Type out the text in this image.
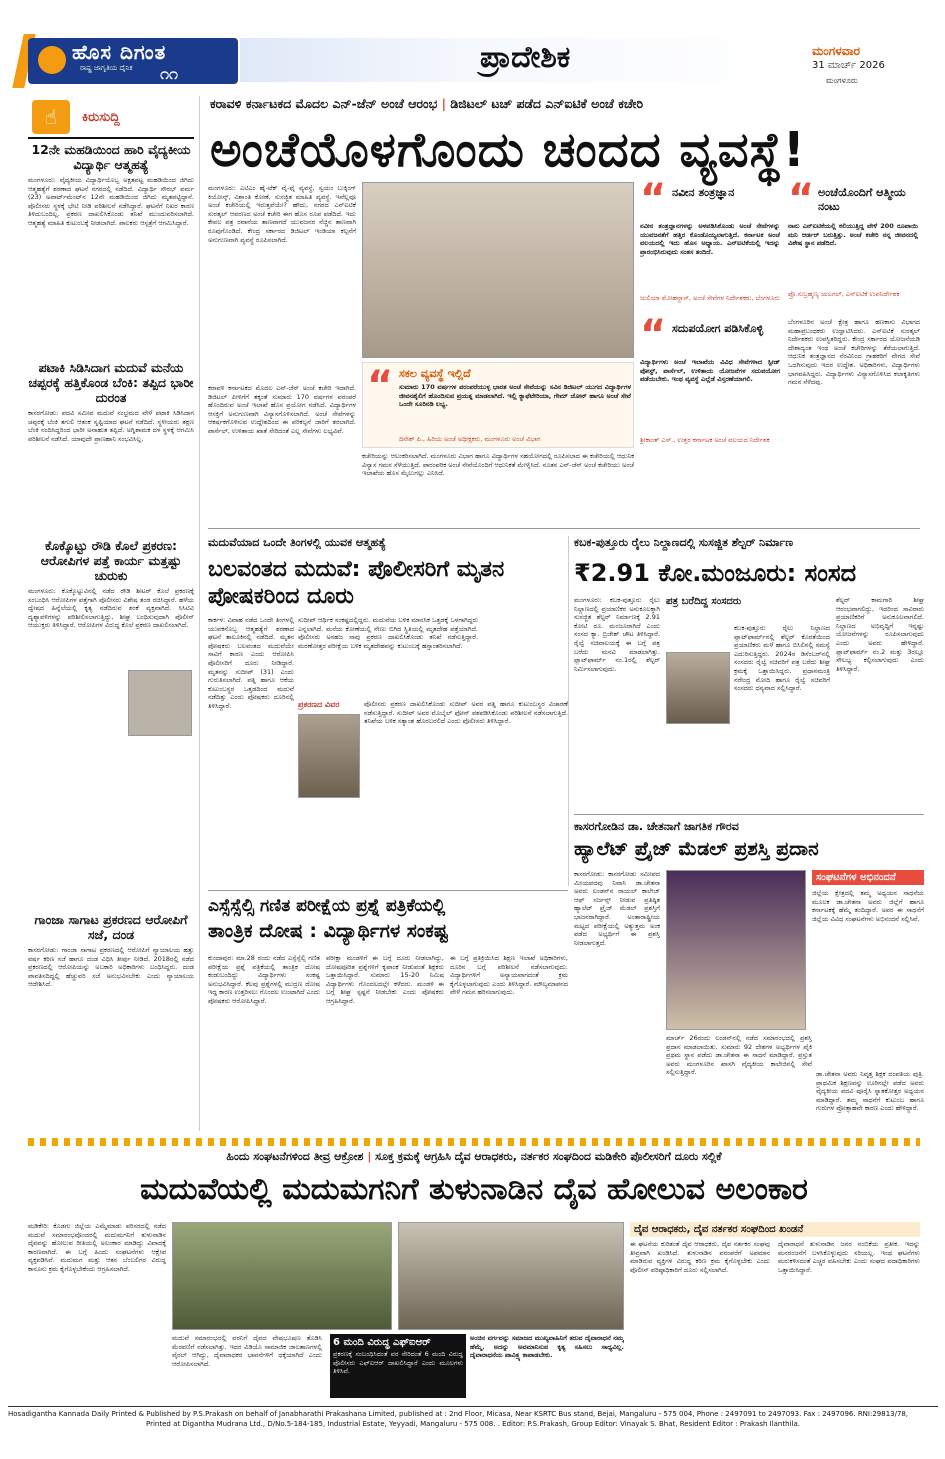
ಹೊಸ ದಿಗಂತ
ರಾಷ್ಟ್ರ ಜಾಗೃತಿಯ ದೈನಿಕ ೧೧	ಪ್ರಾದೇಶಿಕ	ಮಂಗಳವಾರ
31 ಮಾರ್ಚ್ 2026
ಮಂಗಳೂರು
☝	ಕಿರುಸುದ್ದಿ
12ನೇ ಮಹಡಿಯಿಂದ ಹಾರಿ ವೈದ್ಯಕೀಯ ವಿದ್ಯಾರ್ಥಿ ಆತ್ಮಹತ್ಯೆ
ಮಂಗಳೂರು: ವೈದ್ಯಕೀಯ ವಿದ್ಯಾರ್ಥಿಯೊಬ್ಬ ಅಕ್ಷತಪಟ್ಟ ಮಹಡಿಯಿಂದ ಜಿಗಿದು ಆತ್ಮಹತ್ಯೆಗೆ ಶರಣಾದ ಘಟನೆ ನಗರದಲ್ಲಿ ನಡೆದಿದೆ. ವಿದ್ಯಾರ್ಥಿ ಸೌರಭ್ ವರ್ಮ (23) ಅಪಾರ್ಟ್‌ಮೆಂಟ್‌ನ 12ನೇ ಮಹಡಿಯಿಂದ ಜಿಗಿದು ಮೃತಪಟ್ಟಿದ್ದಾನೆ. ಪೊಲೀಸರು ಸ್ಥಳಕ್ಕೆ ಭೇಟಿ ನೀಡಿ ಪರಿಶೀಲನೆ ನಡೆಸಿದ್ದಾರೆ. ಘಟನೆಗೆ ನಿಖರ ಕಾರಣ ತಿಳಿದುಬಂದಿಲ್ಲ. ಪ್ರಕರಣ ದಾಖಲಿಸಿಕೊಂಡು ತನಿಖೆ ಮುಂದುವರಿಸಲಾಗಿದೆ. ಆತ್ಮಹತ್ಯೆ ಮಾಹಿತಿ ಕುಟುಂಬಕ್ಕೆ ನೀಡಲಾಗಿದೆ. ಪಾಲಕರು ಆಸ್ಪತ್ರೆಗೆ ಆಗಮಿಸಿದ್ದಾರೆ.
ಪಟಾಕಿ ಸಿಡಿಸಿದಾಗ ಮದುವೆ ಮನೆಯ ಚಪ್ಪರಕ್ಕೆ ಹತ್ತಿಕೊಂಡ ಬೆಂಕಿ: ತಪ್ಪಿದ ಭಾರೀ ದುರಂತ
ಕಾಸರಗೋಡು: ಪದವಿ ಸಮೀಪ ಮದುವೆ ಸಂಭ್ರಮದ ವೇಳೆ ಪಟಾಕಿ ಸಿಡಿಸಿದಾಗ ಚಪ್ಪರಕ್ಕೆ ಬೆಂಕಿ ತಗುಲಿ ಆತಂಕ ಸೃಷ್ಟಿಯಾದ ಘಟನೆ ನಡೆದಿದೆ. ಸ್ಥಳೀಯರು ತಕ್ಷಣ ಬೆಂಕಿ ನಂದಿಸಿದ್ದರಿಂದ ಭಾರೀ ಅನಾಹುತ ತಪ್ಪಿದೆ. ಅಗ್ನಿಶಾಮಕ ದಳ ಸ್ಥಳಕ್ಕೆ ಆಗಮಿಸಿ ಪರಿಶೀಲನೆ ನಡೆಸಿದೆ. ಯಾವುದೇ ಪ್ರಾಣಹಾನಿ ಸಂಭವಿಸಿಲ್ಲ.
ಕೊಕ್ಕೊಟ್ಟು ರೌಡಿ ಕೊಲೆ ಪ್ರಕರಣ: ಆರೋಪಿಗಳ ಪತ್ತೆ ಕಾರ್ಯ ಮತ್ತಷ್ಟು ಚುರುಕು
ಮಂಗಳೂರು: ಕೊಕ್ಕೊಟ್ಟುವಿನಲ್ಲಿ ನಡೆದ ರೌಡಿ ಶೀಟರ್ ಕೊಲೆ ಪ್ರಕರಣಕ್ಕೆ ಸಂಬಂಧಿಸಿ ಆರೋಪಿಗಳ ಪತ್ತೆಗಾಗಿ ಪೊಲೀಸರು ವಿಶೇಷ ತಂಡ ರಚಿಸಿದ್ದಾರೆ. ಹಳೆಯ ದ್ವೇಷದ ಹಿನ್ನೆಲೆಯಲ್ಲಿ ಕೃತ್ಯ ನಡೆದಿರುವ ಶಂಕೆ ವ್ಯಕ್ತವಾಗಿದೆ. ಸಿಸಿಟಿವಿ ದೃಶ್ಯಾವಳಿಗಳನ್ನು ಪರಿಶೀಲಿಸಲಾಗುತ್ತಿದ್ದು, ಶೀಘ್ರ ಬಂಧಿಸುವುದಾಗಿ ಪೊಲೀಸ್ ಆಯುಕ್ತರು ತಿಳಿಸಿದ್ದಾರೆ. ಆರೋಪಿಗಳ ವಿರುದ್ಧ ಕೊಲೆ ಪ್ರಕರಣ ದಾಖಲಿಸಲಾಗಿದೆ.
ಗಾಂಜಾ ಸಾಗಾಟ ಪ್ರಕರಣದ ಆರೋಪಿಗೆ ಸಜೆ, ದಂಡ
ಕಾಸರಗೋಡು: ಗಾಂಜಾ ಸಾಗಾಟ ಪ್ರಕರಣದಲ್ಲಿ ಆರೋಪಿಗೆ ನ್ಯಾಯಾಲಯ ಹತ್ತು ವರ್ಷ ಕಠಿಣ ಸಜೆ ಹಾಗೂ ದಂಡ ವಿಧಿಸಿ ತೀರ್ಪು ನೀಡಿದೆ. 2018ರಲ್ಲಿ ನಡೆದ ಪ್ರಕರಣದಲ್ಲಿ ಆರೋಪಿಯನ್ನು ಅಬಕಾರಿ ಅಧಿಕಾರಿಗಳು ಬಂಧಿಸಿದ್ದರು. ದಂಡ ಪಾವತಿಸದಿದ್ದಲ್ಲಿ ಹೆಚ್ಚುವರಿ ಸಜೆ ಅನುಭವಿಸಬೇಕು ಎಂದು ನ್ಯಾಯಾಲಯ ಆದೇಶಿಸಿದೆ.
ಕರಾವಳಿ ಕರ್ನಾಟಕದ ಮೊದಲ ಎನ್-ಜೆನ್ ಅಂಚೆ ಆರಂಭ | ಡಿಜಿಟಲ್ ಟಚ್ ಪಡೆದ ಎನ್ಐಟಿಕೆ ಅಂಚೆ ಕಚೇರಿ
ಅಂಚೆಯೊಳಗೊಂದು ಚಂದದ ವ್ಯವಸ್ಥೆ!
ಮಂಗಳೂರು: ಎಟಿಎಂ ಹೈ-ಟೆಕ್ ವೈ-ಫೈ ವ್ಯವಸ್ಥೆ, ಸ್ವಯಂ ಬುಕ್ಕಿಂಗ್ ಕಿಯೋಸ್ಕ್, ವಿಶ್ರಾಂತಿ ಕೋಣೆ, ಸುಸಜ್ಜಿತ ಮಾಹಿತಿ ವ್ಯವಸ್ಥೆ. ಇವೆಲ್ಲವೂ ಅಂಚೆ ಕಚೇರಿಯಲ್ಲಿ ಇರುತ್ತವೆಯೇ? ಹೌದು, ನಗರದ ಎನ್ಐಟಿಕೆ ಸುರತ್ಕಲ್ ಆವರಣದ ಅಂಚೆ ಕಚೇರಿ ಈಗ ಹೊಸ ರೂಪ ಪಡೆದಿದೆ. ಇದು ಕೇವಲ ಪತ್ರ ರವಾನೆಯ ತಾಣವಾಗದೆ ಯುವಜನರ ನೆಚ್ಚಿನ ತಾಣವಾಗಿ ರೂಪುಗೊಂಡಿದೆ. ಕೇಂದ್ರ ಸರ್ಕಾರದ ಡಿಜಿಟಲ್ ಇಂಡಿಯಾ ಕಲ್ಪನೆಗೆ ಅನುಗುಣವಾಗಿ ವ್ಯವಸ್ಥೆ ರೂಪಿಸಲಾಗಿದೆ.
“ ನವೀನ ತಂತ್ರಜ್ಞಾನ
ನವೀನ ತಂತ್ರಜ್ಞಾನಗಳನ್ನು ಅಳವಡಿಸಿಕೊಂಡು ಅಂಚೆ ಸೇವೆಗಳನ್ನು ಯುವಜನತೆಗೆ ಹತ್ತಿರ ಕೊಂಡೊಯ್ಯಲಾಗುತ್ತಿದೆ. ಕರ್ನಾಟಕ ಅಂಚೆ ವಲಯದಲ್ಲಿ ಇದು ಹೊಸ ಅಧ್ಯಾಯ. ಎನ್ಐಟಿಕೆಯಲ್ಲಿ ಇದನ್ನು ಪ್ರಾರಂಭಿಸಿರುವುದು ಸಂತಸ ತಂದಿದೆ.
ಜುಲಿಯಾ ಮೋಹನ್ದಾಸ್, ಅಂಚೆ ಸೇವೆಗಳ ನಿರ್ದೇಶಕರು, ಬೆಂಗಳೂರು
“ ಅಂಚೆಯೊಂದಿಗೆ ಆತ್ಮೀಯ ನಂಟು
ನಾನು ಎನ್ಐಟಿಕೆಯಲ್ಲಿ ಕಲಿಯುತ್ತಿದ್ದ ವೇಳೆ 200 ರೂಪಾಯಿ ಮನಿ ಆರ್ಡರ್ ಬರುತ್ತಿತ್ತು. ಅಂಚೆ ಕಚೇರಿ ನನ್ನ ಜೀವನದಲ್ಲಿ ವಿಶೇಷ ಸ್ಥಾನ ಪಡೆದಿದೆ.
ಪ್ರೊ.ಸುಬ್ರಹ್ಮಣ್ಯ ಯಲಗಲ್, ಎನ್ಐಟಿಕೆ ಉಪನಿರ್ದೇಶಕ
“ ಸದುಪಯೋಗ ಪಡಿಸಿಕೊಳ್ಳಿ
ವಿದ್ಯಾರ್ಥಿಗಳು ಅಂಚೆ ಇಲಾಖೆಯ ವಿವಿಧ ಸೇವೆಗಳಾದ ಸ್ಪೀಡ್ ಪೋಸ್ಟ್, ಪಾರ್ಸೆಲ್, ಉಳಿತಾಯ ಯೋಜನೆಗಳ ಸದುಪಯೋಗ ಪಡೆಯಬೇಕು. ಇಂಥ ವ್ಯವಸ್ಥೆ ಎಲ್ಲೆಡೆ ವಿಸ್ತರಣೆಯಾಗಲಿ.
ಶ್ರೀಕಾಂತ್ ಎಸ್., ಉತ್ತರ ಕರ್ನಾಟಕ ಅಂಚೆ ವಲಯದ ನಿರ್ದೇಶಕ
ಬೆಂಗಳೂರಿನ ಅಂಚೆ ಕ್ಷೇತ್ರ ಹಾಗೂ ಹಣಕಾಸು ವಿಭಾಗದ ಮಹಾಪ್ರಬಂಧಕರು ಉದ್ಘಾಟಿಸಿದರು. ಎನ್ಐಟಿಕೆ ಸುರತ್ಕಲ್ ನಿರ್ದೇಶಕರು ಉಪಸ್ಥಿತರಿದ್ದರು. ಕೇಂದ್ರ ಸರ್ಕಾರದ ಯೋಜನೆಯಡಿ ದೇಶಾದ್ಯಂತ ಇಂಥ ಅಂಚೆ ಕಚೇರಿಗಳನ್ನು ತೆರೆಯಲಾಗುತ್ತಿದೆ. ಆಧುನಿಕ ತಂತ್ರಜ್ಞಾನದ ನೆರವಿನಿಂದ ಗ್ರಾಹಕರಿಗೆ ವೇಗದ ಸೇವೆ ಒದಗಿಸುವುದು ಇದರ ಉದ್ದೇಶ. ಅಧಿಕಾರಿಗಳು, ವಿದ್ಯಾರ್ಥಿಗಳು ಭಾಗವಹಿಸಿದ್ದರು. ವಿದ್ಯಾರ್ಥಿಗಳು ವಿನ್ಯಾಸಗೊಳಿಸಿದ ಕಲಾಕೃತಿಗಳು ಗಮನ ಸೆಳೆದವು.
ಕರಾವಳಿ ಕರ್ನಾಟಕದ ಮೊದಲ ಎನ್-ಜೆನ್ ಅಂಚೆ ಕಚೇರಿ ಇದಾಗಿದೆ. ಡಿಜಿಟಲ್ ಪೀಳಿಗೆಗೆ ತಕ್ಕಂತೆ ಸುಮಾರು 170 ವರ್ಷಗಳ ಪರಂಪರೆ ಹೊಂದಿರುವ ಅಂಚೆ ಇಲಾಖೆ ಹೊಸ ಪ್ರಯೋಗ ನಡೆಸಿದೆ. ವಿದ್ಯಾರ್ಥಿಗಳ ಆಸಕ್ತಿಗೆ ಅನುಗುಣವಾಗಿ ವಿನ್ಯಾಸಗೊಳಿಸಲಾಗಿದೆ. ಅಂಚೆ ಸೇವೆಗಳನ್ನು ಆಕರ್ಷಕಗೊಳಿಸುವ ಉದ್ದೇಶದಿಂದ ಈ ಪರಿಕಲ್ಪನೆ ಜಾರಿಗೆ ತರಲಾಗಿದೆ. ಪಾರ್ಸೆಲ್, ಉಳಿತಾಯ ಖಾತೆ ಸೇರಿದಂತೆ ಎಲ್ಲ ಸೇವೆಗಳು ಲಭ್ಯವಿವೆ.
“ ಸಕಲ ವ್ಯವಸ್ಥೆ ಇಲ್ಲಿದೆ
ಸುಮಾರು 170 ವರ್ಷಗಳ ಪರಂಪರೆಯುಳ್ಳ ಭಾರತ ಅಂಚೆ ಸೇವೆಯನ್ನು ಸವಿನ ಡಿಜಿಟಲ್ ಯುಗದ ವಿದ್ಯಾರ್ಥಿಗಳ ಜೀವನಶೈಲಿಗೆ ಹೊಂದಿಸುವ ಪ್ರಯತ್ನ ಮಾಡಲಾಗಿದೆ. ಇಲ್ಲಿ ಕ್ಯಾಫೆಟೇರಿಯಾ, ಗೇಮ್ ಜೋನ್ ಹಾಗೂ ಅಂಚೆ ಸೇವೆ ಒಂದೇ ಸೂರಿನಡಿ ಲಭ್ಯ.
ದಿನೇಶ್ ಪಿ., ಹಿರಿಯ ಅಂಚೆ ಅಧೀಕ್ಷಕರು, ಮಂಗಳೂರು ಅಂಚೆ ವಿಭಾಗ
ಕಚೇರಿಯನ್ನು ಆಲಂಕರಿಸಲಾಗಿದೆ. ಮಂಗಳೂರು ವಿಭಾಗ ಹಾಗೂ ವಿದ್ಯಾರ್ಥಿಗಳ ಸಹಯೋಗದಲ್ಲಿ ರೂಪಿಸಲಾದ ಈ ಕಚೇರಿಯಲ್ಲಿ ಆಧುನಿಕ ವಿನ್ಯಾಸ ಗಮನ ಸೆಳೆಯುತ್ತಿದೆ. ಪಾರಂಪರಿಕ ಅಂಚೆ ಸೇವೆಯೊಂದಿಗೆ ಆಧುನಿಕತೆ ಮೇಳೈಸಿದೆ. ನೂತನ ಎನ್-ಜೆನ್ ಅಂಚೆ ಕಚೇರಿಯು ಅಂಚೆ ಇಲಾಖೆಯ ಹೊಸ ಮೈಲುಗಲ್ಲು ಎನಿಸಿದೆ.
ಮದುವೆಯಾದ ಒಂದೇ ತಿಂಗಳಲ್ಲಿ ಯುವಕ ಆತ್ಮಹತ್ಯೆ
ಬಲವಂತದ ಮದುವೆ: ಪೊಲೀಸರಿಗೆ ಮೃತನ ಪೋಷಕರಿಂದ ದೂರು
ಕಾರ್ಕಳ: ವಿವಾಹ ನಡೆದ ಒಂದೇ ತಿಂಗಳಲ್ಲಿ ಯುವಕನೊಬ್ಬ ಆತ್ಮಹತ್ಯೆಗೆ ಶರಣಾದ ಘಟನೆ ತಾಲೂಕಿನಲ್ಲಿ ನಡೆದಿದೆ. ಮೃತನ ಪೋಷಕರು ಬಲವಂತದ ಮದುವೆಯೇ ಸಾವಿಗೆ ಕಾರಣ ಎಂದು ಆರೋಪಿಸಿ ಪೊಲೀಸರಿಗೆ ದೂರು ನೀಡಿದ್ದಾರೆ. ಮೃತನನ್ನು ಸುದೀಪ್ (31) ಎಂದು ಗುರುತಿಸಲಾಗಿದೆ. ಪತ್ನಿ ಹಾಗೂ ಆಕೆಯ ಕುಟುಂಬಸ್ಥರ ಒತ್ತಡದಿಂದ ಮದುವೆ ನಡೆದಿತ್ತು ಎಂದು ಪೋಷಕರು ದೂರಿನಲ್ಲಿ ತಿಳಿಸಿದ್ದಾರೆ.	ಪ್ರಕರಣದ ವಿವರ
ಸುದೀಪ್ ಆರ್ಥಿಕ ಸಂಕಷ್ಟದಲ್ಲಿದ್ದರು. ಮದುವೆಯ ಬಳಿಕ ಮಾನಸಿಕ ಒತ್ತಡಕ್ಕೆ ಒಳಗಾಗಿದ್ದರು ಎನ್ನಲಾಗಿದೆ. ಮನೆಯ ಕೋಣೆಯಲ್ಲಿ ನೇಣು ಬಿಗಿದ ಸ್ಥಿತಿಯಲ್ಲಿ ಮೃತದೇಹ ಪತ್ತೆಯಾಗಿದೆ. ಪೊಲೀಸರು ಅಸಹಜ ಸಾವು ಪ್ರಕರಣ ದಾಖಲಿಸಿಕೊಂಡು ತನಿಖೆ ನಡೆಸುತ್ತಿದ್ದಾರೆ. ಮರಣೋತ್ತರ ಪರೀಕ್ಷೆಯ ಬಳಿಕ ಮೃತದೇಹವನ್ನು ಕುಟುಂಬಕ್ಕೆ ಹಸ್ತಾಂತರಿಸಲಾಗಿದೆ.
ಪೊಲೀಸರು ಪ್ರಕರಣ ದಾಖಲಿಸಿಕೊಂಡು ಸುದೀಪ್ ಅವರ ಪತ್ನಿ ಹಾಗೂ ಕುಟುಂಬಸ್ಥರ ವಿಚಾರಣೆ ನಡೆಸುತ್ತಿದ್ದಾರೆ. ಸುದೀಪ್ ಅವರ ಮೊಬೈಲ್ ಫೋನ್ ವಶಪಡಿಸಿಕೊಂಡು ಪರಿಶೀಲನೆ ನಡೆಸಲಾಗುತ್ತಿದೆ. ತನಿಖೆಯ ಬಳಿಕ ಸತ್ಯಾಂಶ ಹೊರಬರಲಿದೆ ಎಂದು ಪೊಲೀಸರು ತಿಳಿಸಿದ್ದಾರೆ.
ಕಬಕ-ಪುತ್ತೂರು ರೈಲು ನಿಲ್ದಾಣದಲ್ಲಿ ಸುಸಜ್ಜಿತ ಶೆಲ್ಟರ್ ನಿರ್ಮಾಣ
₹2.91 ಕೋ.ಮಂಜೂರು: ಸಂಸದ
ಮಂಗಳೂರು: ಕಬಕ-ಪುತ್ತೂರು ರೈಲು ನಿಲ್ದಾಣದಲ್ಲಿ ಪ್ರಯಾಣಿಕರ ಅನುಕೂಲಕ್ಕಾಗಿ ಸುಸಜ್ಜಿತ ಶೆಲ್ಟರ್ ನಿರ್ಮಾಣಕ್ಕೆ 2.91 ಕೋಟಿ ರೂ. ಮಂಜೂರಾಗಿದೆ ಎಂದು ಸಂಸದ ಕ್ಯಾ. ಬ್ರಿಜೇಶ್ ಚೌಟ ತಿಳಿಸಿದ್ದಾರೆ. ರೈಲ್ವೆ ಸಚಿವಾಲಯಕ್ಕೆ ಈ ಬಗ್ಗೆ ಪತ್ರ ಬರೆದು ಮನವಿ ಮಾಡಲಾಗಿತ್ತು. ಪ್ಲಾಟ್‌ಫಾರ್ಮ್ ನಂ.1ರಲ್ಲಿ ಶೆಲ್ಟರ್ ನಿರ್ಮಿಸಲಾಗುವುದು.
ಪತ್ರ ಬರೆದಿದ್ದ ಸಂಸದರು
ಕಬಕ-ಪುತ್ತೂರು ರೈಲು ನಿಲ್ದಾಣದ ಪ್ಲಾಟ್‌ಫಾರ್ಮ್‌ನಲ್ಲಿ ಶೆಲ್ಟರ್ ಕೊರತೆಯಿಂದ ಪ್ರಯಾಣಿಕರು ಮಳೆ ಹಾಗೂ ಬಿಸಿಲಿನಲ್ಲಿ ಸಮಸ್ಯೆ ಎದುರಿಸುತ್ತಿದ್ದರು. 2024ರ ಡಿಸೆಂಬರ್‌ನಲ್ಲಿ ಸಂಸದರು ರೈಲ್ವೆ ಸಚಿವರಿಗೆ ಪತ್ರ ಬರೆದು ಶೀಘ್ರ ಕ್ರಮಕ್ಕೆ ಒತ್ತಾಯಿಸಿದ್ದರು. ಪ್ರಧಾನಮಂತ್ರಿ ನರೇಂದ್ರ ಮೋದಿ ಹಾಗೂ ರೈಲ್ವೆ ಸಚಿವರಿಗೆ ಸಂಸದರು ಧನ್ಯವಾದ ಸಲ್ಲಿಸಿದ್ದಾರೆ.
ಶೆಲ್ಟರ್ ಕಾಮಗಾರಿ ಶೀಘ್ರ ಆರಂಭವಾಗಲಿದ್ದು, ಇದರಿಂದ ಸಾವಿರಾರು ಪ್ರಯಾಣಿಕರಿಗೆ ಅನುಕೂಲವಾಗಲಿದೆ. ನಿಲ್ದಾಣದ ಅಭಿವೃದ್ಧಿಗೆ ಇನ್ನಷ್ಟು ಯೋಜನೆಗಳನ್ನು ರೂಪಿಸಲಾಗುವುದು ಎಂದು ಅವರು ಹೇಳಿದ್ದಾರೆ. ಪ್ಲಾಟ್‌ಫಾರ್ಮ್ ನಂ.2 ಮತ್ತು 3ರಲ್ಲೂ ಸೌಲಭ್ಯ ಕಲ್ಪಿಸಲಾಗುವುದು ಎಂದು ತಿಳಿಸಿದ್ದಾರೆ.
ಕಾಸರಗೋಡಿನ ಡಾ. ಚೇತನಾಗೆ ಜಾಗತಿಕ ಗೌರವ
ಹ್ಯಾಲೆಟ್ ಪ್ರೈಜ್ ಮೆಡಲ್ ಪ್ರಶಸ್ತಿ ಪ್ರದಾನ
ಕಾಸರಗೋಡು: ಕಾಸರಗೋಡು ಸಮೀಪದ ಮೀಯಪದವು ನಿವಾಸಿ ಡಾ.ಚೇತನಾ ಅವರು ಲಂಡನ್‌ನ ರಾಯಲ್ ಕಾಲೇಜ್ ಆಫ್ ಸರ್ಜನ್ಸ್ ನೀಡುವ ಪ್ರತಿಷ್ಠಿತ ಹ್ಯಾಲೆಟ್ ಪ್ರೈಜ್ ಮೆಡಲ್ ಪ್ರಶಸ್ತಿಗೆ ಭಾಜನರಾಗಿದ್ದಾರೆ. ಅಂತಾರಾಷ್ಟ್ರೀಯ ಮಟ್ಟದ ಪರೀಕ್ಷೆಯಲ್ಲಿ ಅತ್ಯುತ್ತಮ ಅಂಕ ಪಡೆದ ಅಭ್ಯರ್ಥಿಗೆ ಈ ಪ್ರಶಸ್ತಿ ನೀಡಲಾಗುತ್ತದೆ.
ಸಂಘಟನೆಗಳ ಅಭಿನಂದನೆ
ಜಿಲ್ಲೆಯ ಕ್ಷೇತ್ರದಲ್ಲಿ ತಮ್ಮ ಅಧ್ಯಯನ ಸಾಧನೆಯ ಮೂಲಕ ಡಾ.ಚೇತನಾ ಅವರು ಜಿಲ್ಲೆಗೆ ಹಾಗೂ ಕರ್ನಾಟಕಕ್ಕೆ ಹೆಮ್ಮೆ ತಂದಿದ್ದಾರೆ. ಅವರ ಈ ಸಾಧನೆಗೆ ಜಿಲ್ಲೆಯ ವಿವಿಧ ಸಂಘಟನೆಗಳು ಅಭಿನಂದನೆ ಸಲ್ಲಿಸಿವೆ.
ಮಾರ್ಚ್ 26ರಂದು ಲಂಡನ್‌ನಲ್ಲಿ ನಡೆದ ಸಮಾರಂಭದಲ್ಲಿ ಪ್ರಶಸ್ತಿ ಪ್ರದಾನ ಮಾಡಲಾಯಿತು. ಸುಮಾರು 92 ದೇಶಗಳ ಅಭ್ಯರ್ಥಿಗಳ ಪೈಕಿ ಪ್ರಥಮ ಸ್ಥಾನ ಪಡೆದು ಡಾ.ಚೇತನಾ ಈ ಸಾಧನೆ ಮಾಡಿದ್ದಾರೆ. ಪ್ರಸ್ತುತ ಅವರು ಮಂಗಳೂರಿನ ಖಾಸಗಿ ವೈದ್ಯಕೀಯ ಕಾಲೇಜಿನಲ್ಲಿ ಸೇವೆ ಸಲ್ಲಿಸುತ್ತಿದ್ದಾರೆ.	ಡಾ.ಚೇತನಾ ಅವರು ನಿವೃತ್ತ ಶಿಕ್ಷಕ ದಂಪತಿಯ ಪುತ್ರಿ. ಪ್ರಾಥಮಿಕ ಶಿಕ್ಷಣವನ್ನು ಊರಿನಲ್ಲೇ ಪಡೆದ ಅವರು ವೈದ್ಯಕೀಯ ಪದವಿ ಪೂರೈಸಿ ಸ್ನಾತಕೋತ್ತರ ಅಧ್ಯಯನ ಮಾಡಿದ್ದಾರೆ. ತಮ್ಮ ಸಾಧನೆಗೆ ಕುಟುಂಬ ಹಾಗೂ ಗುರುಗಳ ಪ್ರೋತ್ಸಾಹವೇ ಕಾರಣ ಎಂದು ಹೇಳಿದ್ದಾರೆ.
ಎಸ್ಸೆಸ್ಸೆಲ್ಸಿ ಗಣಿತ ಪರೀಕ್ಷೆಯ ಪ್ರಶ್ನೆ ಪತ್ರಿಕೆಯಲ್ಲಿ
ತಾಂತ್ರಿಕ ದೋಷ : ವಿದ್ಯಾರ್ಥಿಗಳ ಸಂಕಷ್ಟ
ಕುಂದಾಪುರ: ಮಾ.28 ರಂದು ನಡೆದ ಎಸ್ಸೆಸ್ಸೆಲ್ಸಿ ಗಣಿತ ಪರೀಕ್ಷೆಯ ಪ್ರಶ್ನೆ ಪತ್ರಿಕೆಯಲ್ಲಿ ತಾಂತ್ರಿಕ ದೋಷ ಕಂಡುಬಂದಿದ್ದು ವಿದ್ಯಾರ್ಥಿಗಳು ಸಂಕಷ್ಟ ಅನುಭವಿಸಿದ್ದಾರೆ. ಕೆಲವು ಪ್ರಶ್ನೆಗಳಲ್ಲಿ ಮುದ್ರಣ ದೋಷ ಇದ್ದ ಕಾರಣ ಉತ್ತರಿಸಲು ಗೊಂದಲ ಉಂಟಾಗಿದೆ ಎಂದು ಪೋಷಕರು ಆರೋಪಿಸಿದ್ದಾರೆ.
ಪರೀಕ್ಷಾ ಮಂಡಳಿಗೆ ಈ ಬಗ್ಗೆ ದೂರು ನೀಡಲಾಗಿದ್ದು, ದೋಷಪೂರಿತ ಪ್ರಶ್ನೆಗಳಿಗೆ ಕೃಪಾಂಕ ನೀಡುವಂತೆ ಶಿಕ್ಷಕರು ಒತ್ತಾಯಿಸಿದ್ದಾರೆ. ಸುಮಾರು 15-20 ನಿಮಿಷ ವಿದ್ಯಾರ್ಥಿಗಳು ಗೊಂದಲದಲ್ಲೇ ಕಳೆದರು. ಮಂಡಳಿ ಈ ಬಗ್ಗೆ ಶೀಘ್ರ ಸ್ಪಷ್ಟನೆ ನೀಡಬೇಕು ಎಂದು ಪೋಷಕರು ಆಗ್ರಹಿಸಿದ್ದಾರೆ.
ಈ ಬಗ್ಗೆ ಪ್ರತಿಕ್ರಿಯಿಸಿದ ಶಿಕ್ಷಣ ಇಲಾಖೆ ಅಧಿಕಾರಿಗಳು, ದೂರಿನ ಬಗ್ಗೆ ಪರಿಶೀಲನೆ ನಡೆಸಲಾಗುವುದು. ವಿದ್ಯಾರ್ಥಿಗಳಿಗೆ ಅನ್ಯಾಯವಾಗದಂತೆ ಕ್ರಮ ಕೈಗೊಳ್ಳಲಾಗುವುದು ಎಂದು ತಿಳಿಸಿದ್ದಾರೆ. ಮೌಲ್ಯಮಾಪನದ ವೇಳೆ ಗಮನ ಹರಿಸಲಾಗುವುದು.
ಹಿಂದು ಸಂಘಟನೆಗಳಿಂದ ತೀವ್ರ ಆಕ್ರೋಶ | ಸೂಕ್ತ ಕ್ರಮಕ್ಕೆ ಆಗ್ರಹಿಸಿ ದೈವ ಆರಾಧಕರು, ನರ್ತಕರ ಸಂಘದಿಂದ ಮಡಿಕೇರಿ ಪೊಲೀಸರಿಗೆ ದೂರು ಸಲ್ಲಿಕೆ
ಮದುವೆಯಲ್ಲಿ ಮದುಮಗನಿಗೆ ತುಳುನಾಡಿನ ದೈವ ಹೋಲುವ ಅಲಂಕಾರ
ಮಡಿಕೇರಿ: ಕೊಡಗು ಜಿಲ್ಲೆಯ ಎಮ್ಮೆಮಾಡು ಪರಿಸರದಲ್ಲಿ ನಡೆದ ಮದುವೆ ಸಮಾರಂಭವೊಂದರಲ್ಲಿ ಮದುಮಗನಿಗೆ ತುಳುನಾಡಿನ ದೈವವನ್ನು ಹೋಲುವ ರೀತಿಯಲ್ಲಿ ಅಲಂಕಾರ ಮಾಡಿದ್ದು ವಿವಾದಕ್ಕೆ ಕಾರಣವಾಗಿದೆ. ಈ ಬಗ್ಗೆ ಹಿಂದು ಸಂಘಟನೆಗಳು ಆಕ್ಷೇಪ ವ್ಯಕ್ತಪಡಿಸಿವೆ. ಮದುಮಗ ಮತ್ತು ಆತನ ಬೆಂಬಲಿಗರ ವಿರುದ್ಧ ಕಾನೂನು ಕ್ರಮ ಕೈಗೊಳ್ಳಬೇಕೆಂದು ಆಗ್ರಹಿಸಲಾಗಿದೆ.
ಮದುವೆ ಸಮಾರಂಭದಲ್ಲಿ ವರನಿಗೆ ದೈವದ ವೇಷಭೂಷಣ ತೊಡಿಸಿ ಮೆರವಣಿಗೆ ನಡೆಸಲಾಗಿತ್ತು. ಇದರ ವಿಡಿಯೊ ಸಾಮಾಜಿಕ ಜಾಲತಾಣಗಳಲ್ಲಿ ವೈರಲ್ ಆಗಿದ್ದು, ದೈವಾರಾಧಕರ ಭಾವನೆಗಳಿಗೆ ಧಕ್ಕೆಯಾಗಿದೆ ಎಂದು ಆರೋಪಿಸಲಾಗಿದೆ.
6 ಮಂದಿ ವಿರುದ್ಧ ಎಫ್ಐಆರ್
ಪ್ರಕರಣಕ್ಕೆ ಸಂಬಂಧಿಸಿದಂತೆ ವರ ಸೇರಿದಂತೆ 6 ಮಂದಿ ವಿರುದ್ಧ ಪೊಲೀಸರು ಎಫ್ಐಆರ್ ದಾಖಲಿಸಿದ್ದಾರೆ ಎಂದು ಮೂಲಗಳು ತಿಳಿಸಿವೆ.
ಅಂಚಿನ ವರ್ಗವನ್ನು ಸಮಾಜದ ಮುಖ್ಯವಾಹಿನಿಗೆ ತರುವ ದೈವಾರಾಧನೆ ನಮ್ಮ ಹೆಮ್ಮೆ. ಅದನ್ನು ಅವಮಾನಿಸುವ ಕೃತ್ಯ ಸಹಿಸಲು ಸಾಧ್ಯವಿಲ್ಲ. ದೈವಾರಾಧನೆಯ ಪಾವಿತ್ರ್ಯ ಕಾಪಾಡಬೇಕು.
ದೈವ ಆರಾಧಕರು, ದೈವ ನರ್ತಕರ ಸಂಘದಿಂದ ಖಂಡನೆ
ಈ ಘಟನೆಯ ಕುರಿತಂತೆ ದೈವ ಆರಾಧಕರು, ದೈವ ನರ್ತಕರ ಸಂಘವು ತೀವ್ರವಾಗಿ ಖಂಡಿಸಿದೆ. ತುಳುನಾಡಿನ ಪರಂಪರೆಗೆ ಅಪಮಾನ ಮಾಡಿರುವ ವ್ಯಕ್ತಿಗಳ ವಿರುದ್ಧ ಕಠಿಣ ಕ್ರಮ ಕೈಗೊಳ್ಳಬೇಕು ಎಂದು ಪೊಲೀಸ್ ವರಿಷ್ಠಾಧಿಕಾರಿಗೆ ದೂರು ಸಲ್ಲಿಸಲಾಗಿದೆ.
ದೈವಾರಾಧನೆ ತುಳುನಾಡಿನ ಜನರ ನಂಬಿಕೆಯ ಪ್ರತೀಕ. ಇದನ್ನು ಮನರಂಜನೆಗೆ ಬಳಸಿಕೊಳ್ಳುವುದು ಸರಿಯಲ್ಲ. ಇಂಥ ಘಟನೆಗಳು ಮರುಕಳಿಸದಂತೆ ಎಚ್ಚರ ವಹಿಸಬೇಕು ಎಂದು ಸಂಘದ ಪದಾಧಿಕಾರಿಗಳು ಒತ್ತಾಯಿಸಿದ್ದಾರೆ.
Hosadigantha Kannada Daily Printed & Published by P.S.Prakash on behalf of Janabharathi Prakashana Limited, published at : 2nd Floor, Micasa, Near KSRTC Bus stand, Bejai, Mangaluru - 575 004, Phone : 2497091 to 2497093. Fax : 2497096. RNI:29813/78,
Printed at Digantha Mudrana Ltd., D/No.5-184-185, Industrial Estate, Yeyyadi, Mangaluru - 575 008. . Editor: P.S.Prakash, Group Editor: Vinayak S. Bhat, Resident Editor : Prakash Ilanthila.
